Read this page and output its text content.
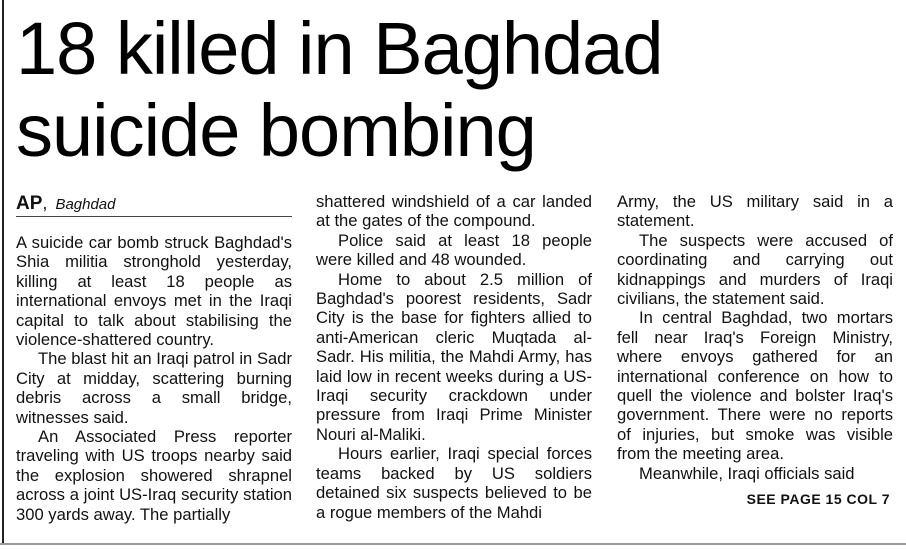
18 killed in Baghdad
suicide bombing
AP, Baghdad

A suicide car bomb struck Baghdad's Shia militia stronghold yesterday, killing at least 18 people as international envoys met in the Iraqi capital to talk about stabilising the violence-shattered country.

The blast hit an Iraqi patrol in Sadr City at midday, scattering burning debris across a small bridge, witnesses said.

An Associated Press reporter traveling with US troops nearby said the explosion showered shrapnel across a joint US-Iraq security station 300 yards away. The partially

shattered windshield of a car landed at the gates of the compound.

Police said at least 18 people were killed and 48 wounded.

Home to about 2.5 million of Baghdad's poorest residents, Sadr City is the base for fighters allied to anti-American cleric Muqtada al-Sadr. His militia, the Mahdi Army, has laid low in recent weeks during a US-Iraqi security crackdown under pressure from Iraqi Prime Minister Nouri al-Maliki.

Hours earlier, Iraqi special forces teams backed by US soldiers detained six suspects believed to be a rogue members of the Mahdi

Army, the US military said in a statement.

The suspects were accused of coordinating and carrying out kidnappings and murders of Iraqi civilians, the statement said.

In central Baghdad, two mortars fell near Iraq's Foreign Ministry, where envoys gathered for an international conference on how to quell the violence and bolster Iraq's government. There were no reports of injuries, but smoke was visible from the meeting area.

Meanwhile, Iraqi officials said

SEE PAGE 15 COL 7
